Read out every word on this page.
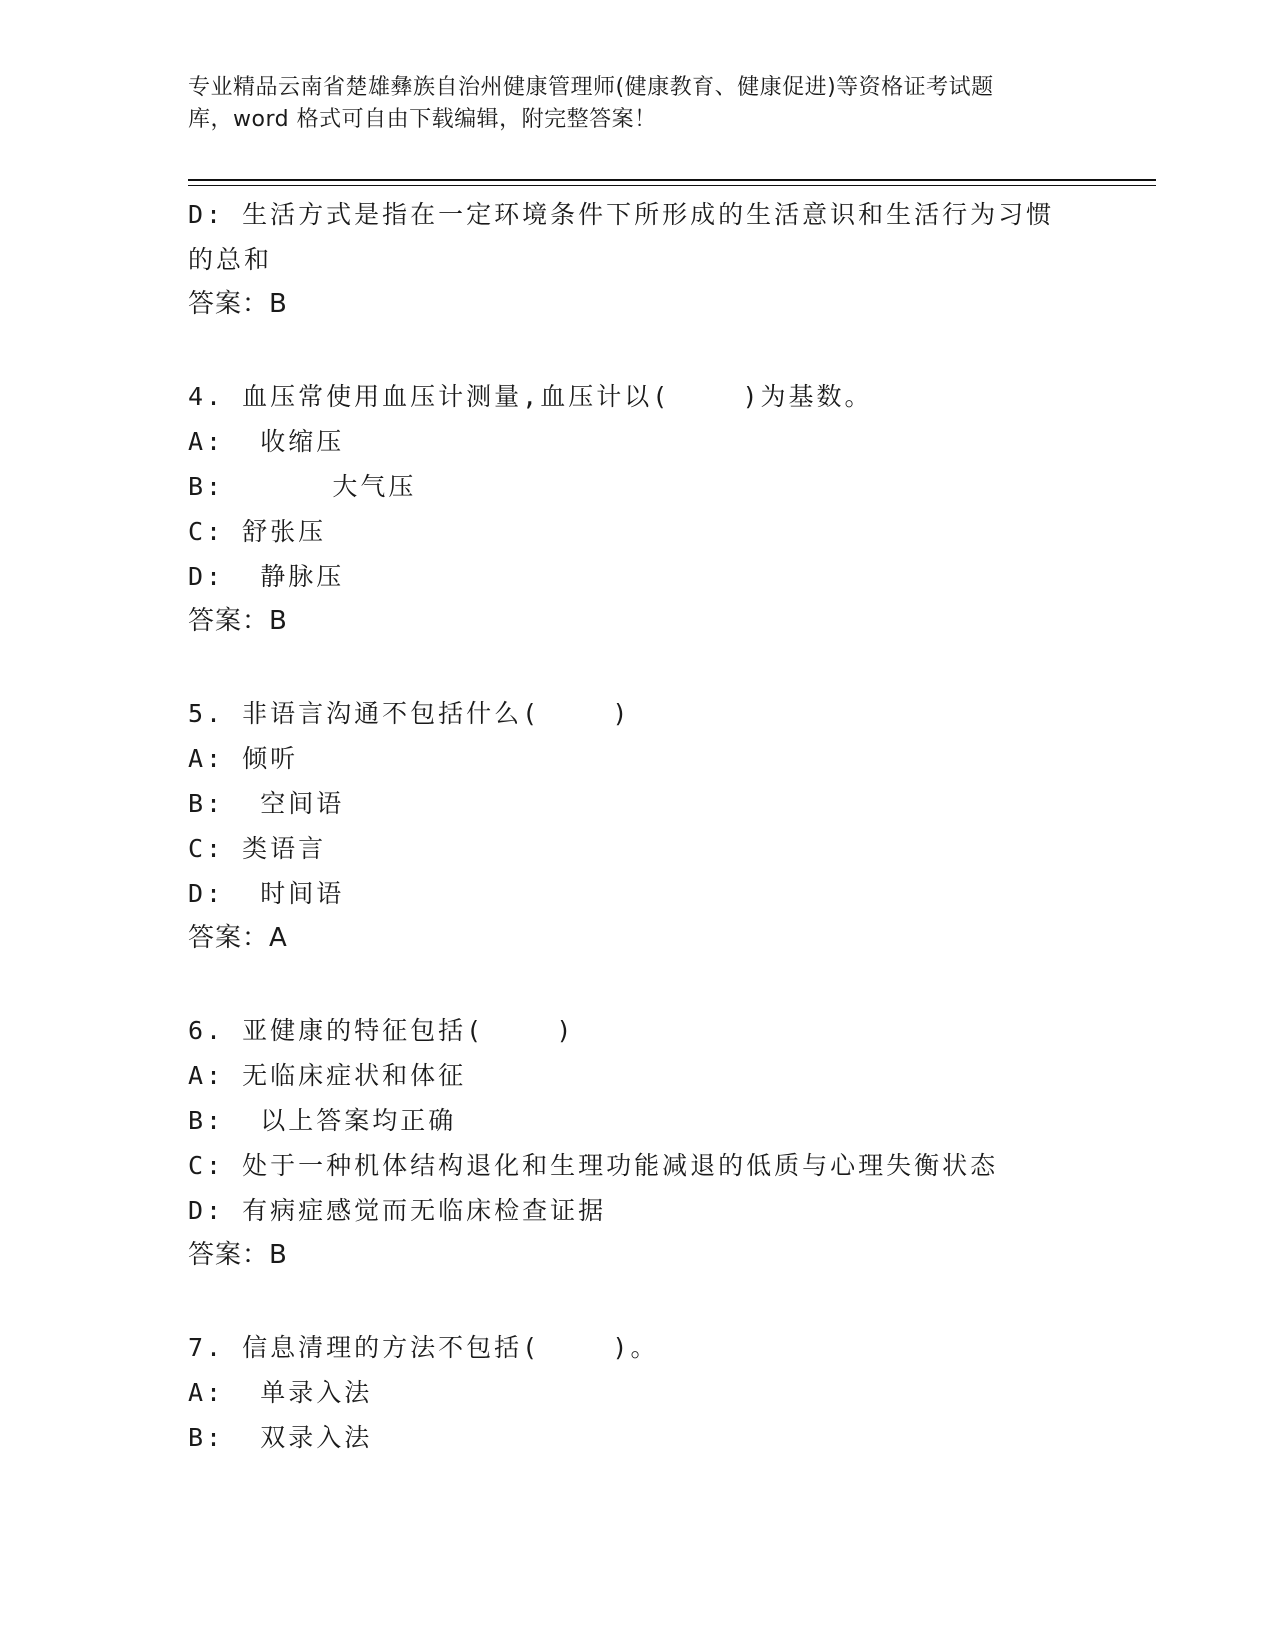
专业精品云南省楚雄彝族自治州健康管理师(健康教育、健康促进)等资格证考试题
库，word 格式可自由下载编辑，附完整答案！
D: 生活方式是指在一定环境条件下所形成的生活意识和生活行为习惯
的总和
答案：B
4. 血压常使用血压计测量,血压计以(    )为基数。
A:  收缩压
B:      大气压
C: 舒张压
D:  静脉压
答案：B
5. 非语言沟通不包括什么(    )
A: 倾听
B:  空间语
C: 类语言
D:  时间语
答案：A
6. 亚健康的特征包括(    )
A: 无临床症状和体征
B:  以上答案均正确
C: 处于一种机体结构退化和生理功能减退的低质与心理失衡状态
D: 有病症感觉而无临床检查证据
答案：B
7. 信息清理的方法不包括(    )。
A:  单录入法
B:  双录入法
